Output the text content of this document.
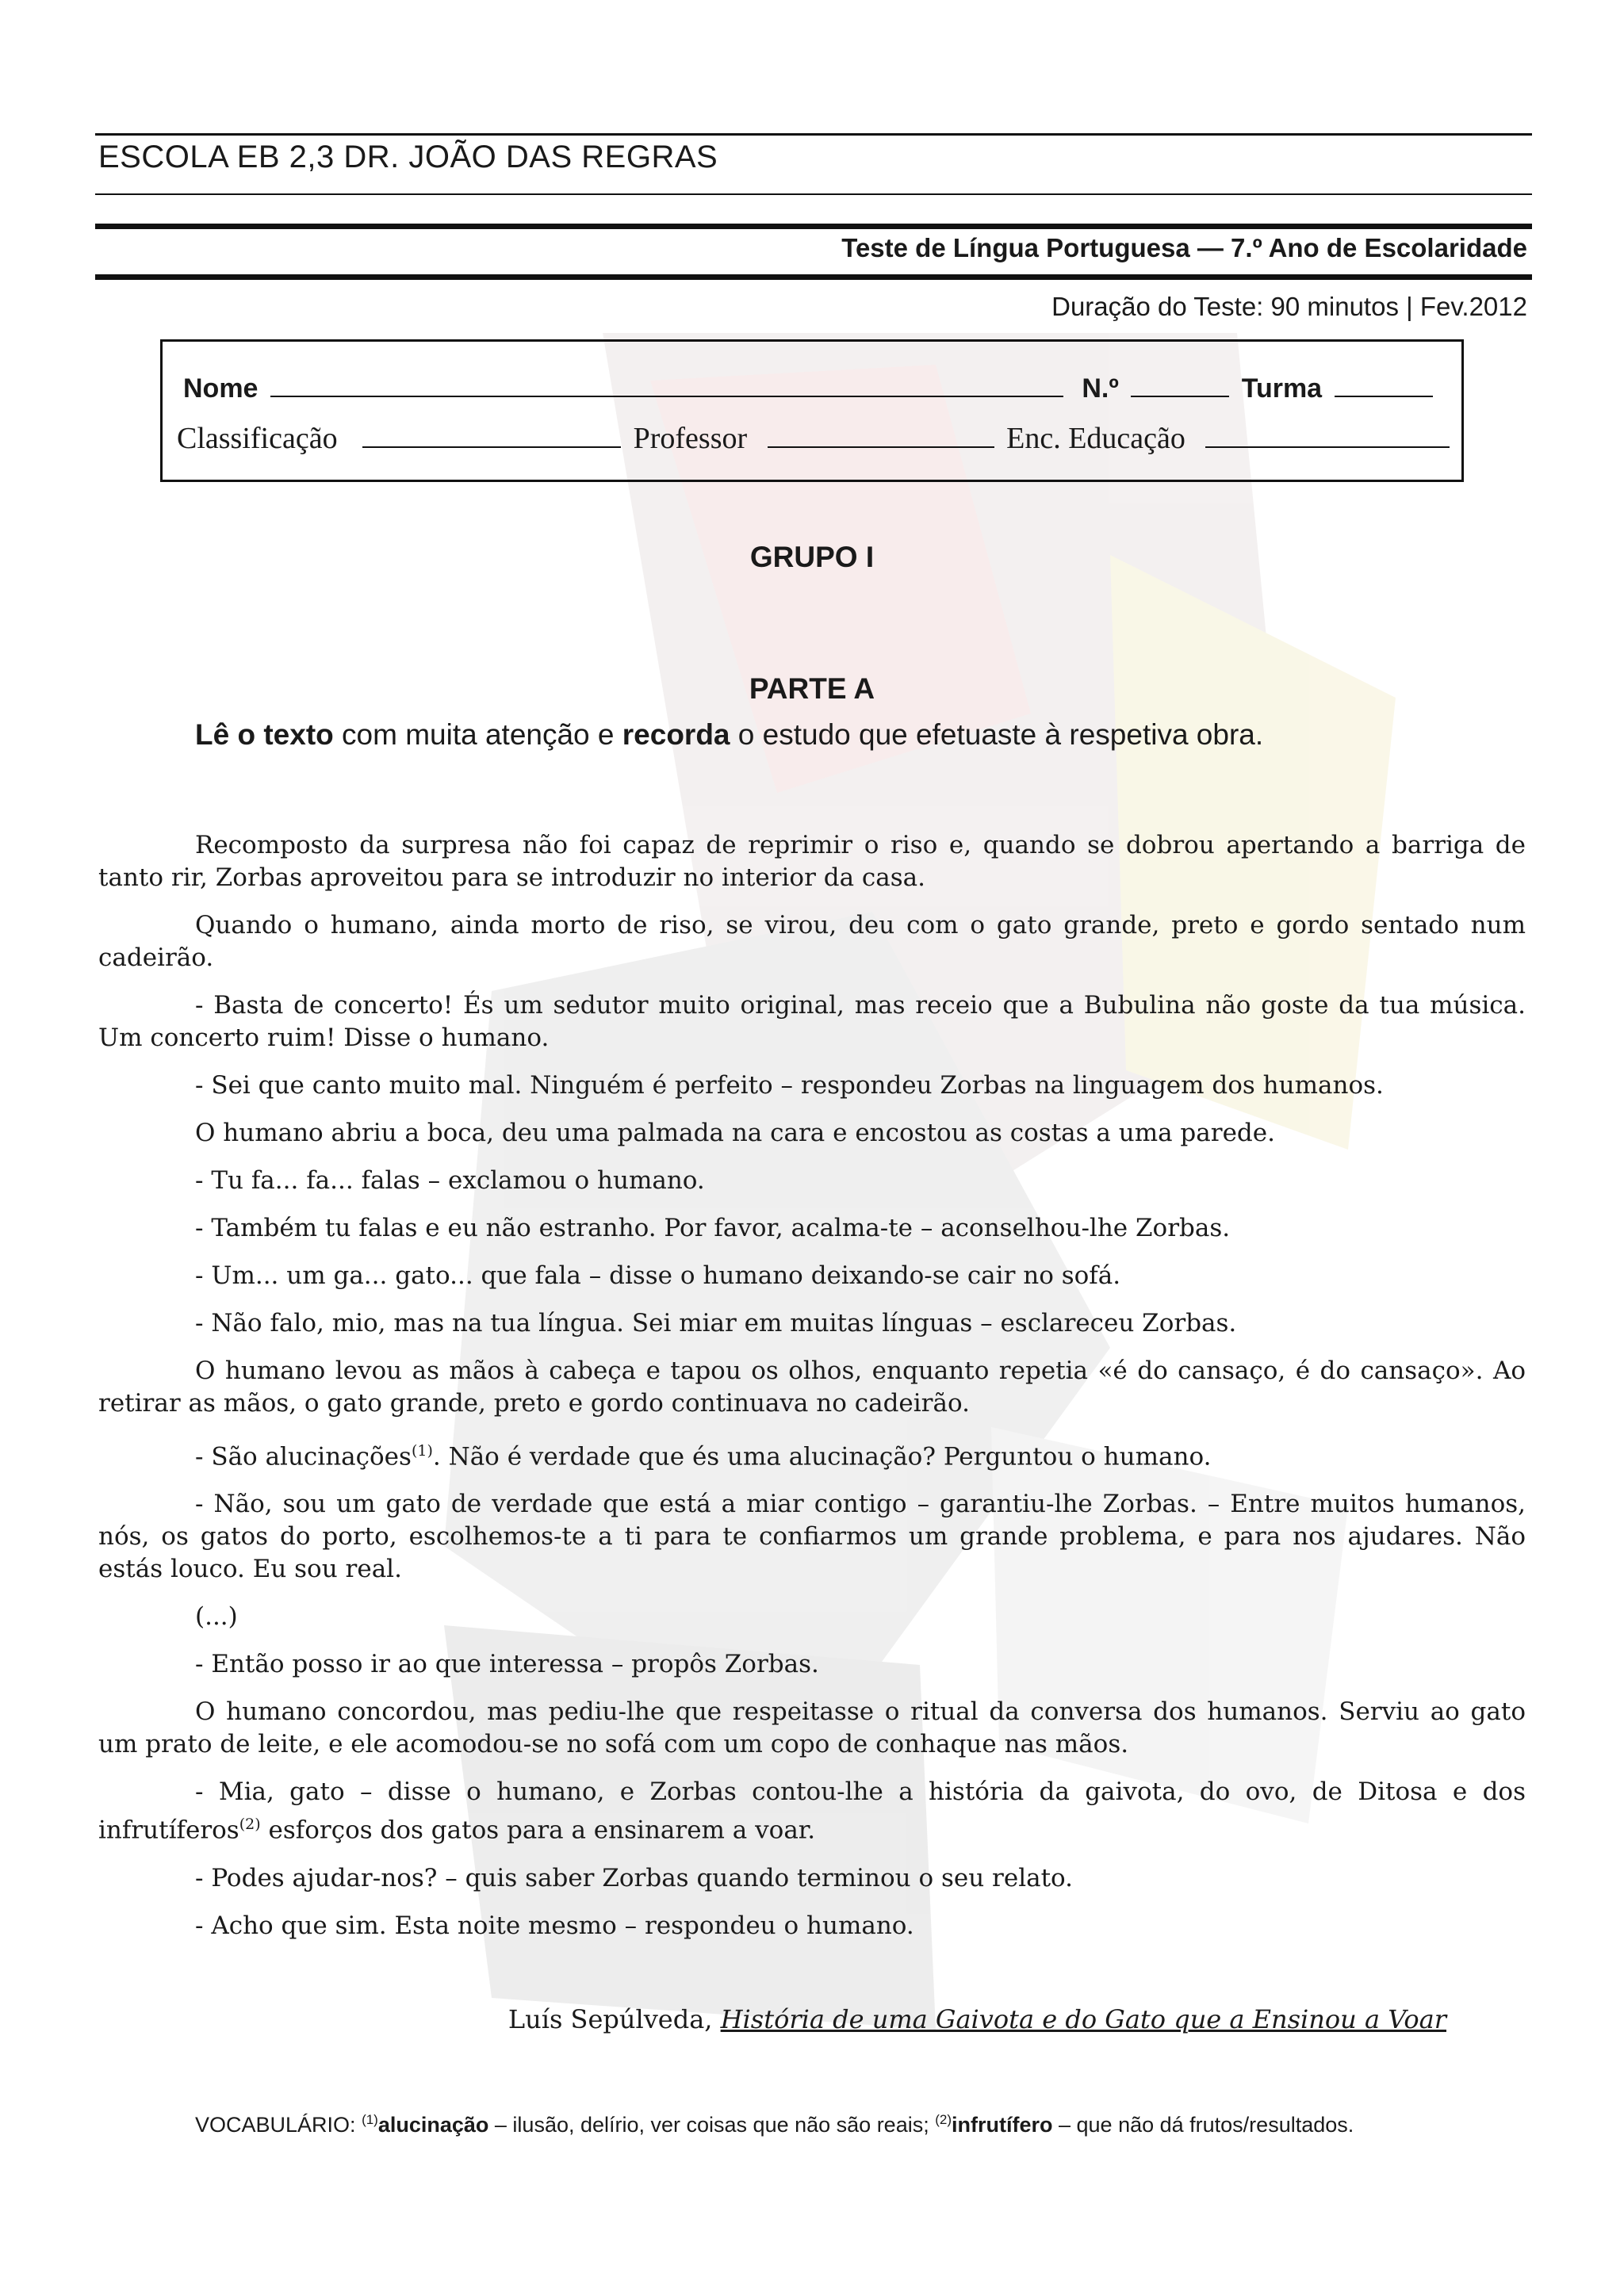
ESCOLA EB 2,3 DR. JOÃO DAS REGRAS
Teste de Língua Portuguesa — 7.º Ano de Escolaridade
Duração do Teste: 90 minutos | Fev.2012
Nome	N.º	Turma
Classificação	Professor	Enc. Educação
GRUPO I
PARTE A
Lê o texto com muita atenção e recorda o estudo que efetuaste à respetiva obra.

Recomposto da surpresa não foi capaz de reprimir o riso e, quando se dobrou apertando a barriga de tanto rir, Zorbas aproveitou para se introduzir no interior da casa.

Quando o humano, ainda morto de riso, se virou, deu com o gato grande, preto e gordo sentado num cadeirão.

- Basta de concerto! És um sedutor muito original, mas receio que a Bubulina não goste da tua música. Um concerto ruim! Disse o humano.

- Sei que canto muito mal. Ninguém é perfeito – respondeu Zorbas na linguagem dos humanos.

O humano abriu a boca, deu uma palmada na cara e encostou as costas a uma parede.

- Tu fa... fa... falas – exclamou o humano.

- Também tu falas e eu não estranho. Por favor, acalma-te – aconselhou-lhe Zorbas.

- Um... um ga... gato... que fala – disse o humano deixando-se cair no sofá.

- Não falo, mio, mas na tua língua. Sei miar em muitas línguas – esclareceu Zorbas.

O humano levou as mãos à cabeça e tapou os olhos, enquanto repetia «é do cansaço, é do cansaço». Ao retirar as mãos, o gato grande, preto e gordo continuava no cadeirão.

- São alucinações$^{(1)}$. Não é verdade que és uma alucinação? Perguntou o humano.

- Não, sou um gato de verdade que está a miar contigo – garantiu-lhe Zorbas. – Entre muitos humanos, nós, os gatos do porto, escolhemos-te a ti para te confiarmos um grande problema, e para nos ajudares. Não estás louco. Eu sou real.

(...)

- Então posso ir ao que interessa – propôs Zorbas.

O humano concordou, mas pediu-lhe que respeitasse o ritual da conversa dos humanos. Serviu ao gato um prato de leite, e ele acomodou-se no sofá com um copo de conhaque nas mãos.

- Mia, gato – disse o humano, e Zorbas contou-lhe a história da gaivota, do ovo, de Ditosa e dos infrutíferos$^{(2)}$ esforços dos gatos para a ensinarem a voar.

- Podes ajudar-nos? – quis saber Zorbas quando terminou o seu relato.

- Acho que sim. Esta noite mesmo – respondeu o humano.

Luís Sepúlveda, História de uma Gaivota e do Gato que a Ensinou a Voar
VOCABULÁRIO: $^{(1)}$alucinação – ilusão, delírio, ver coisas que não são reais; $^{(2)}$infrutífero – que não dá frutos/resultados.
